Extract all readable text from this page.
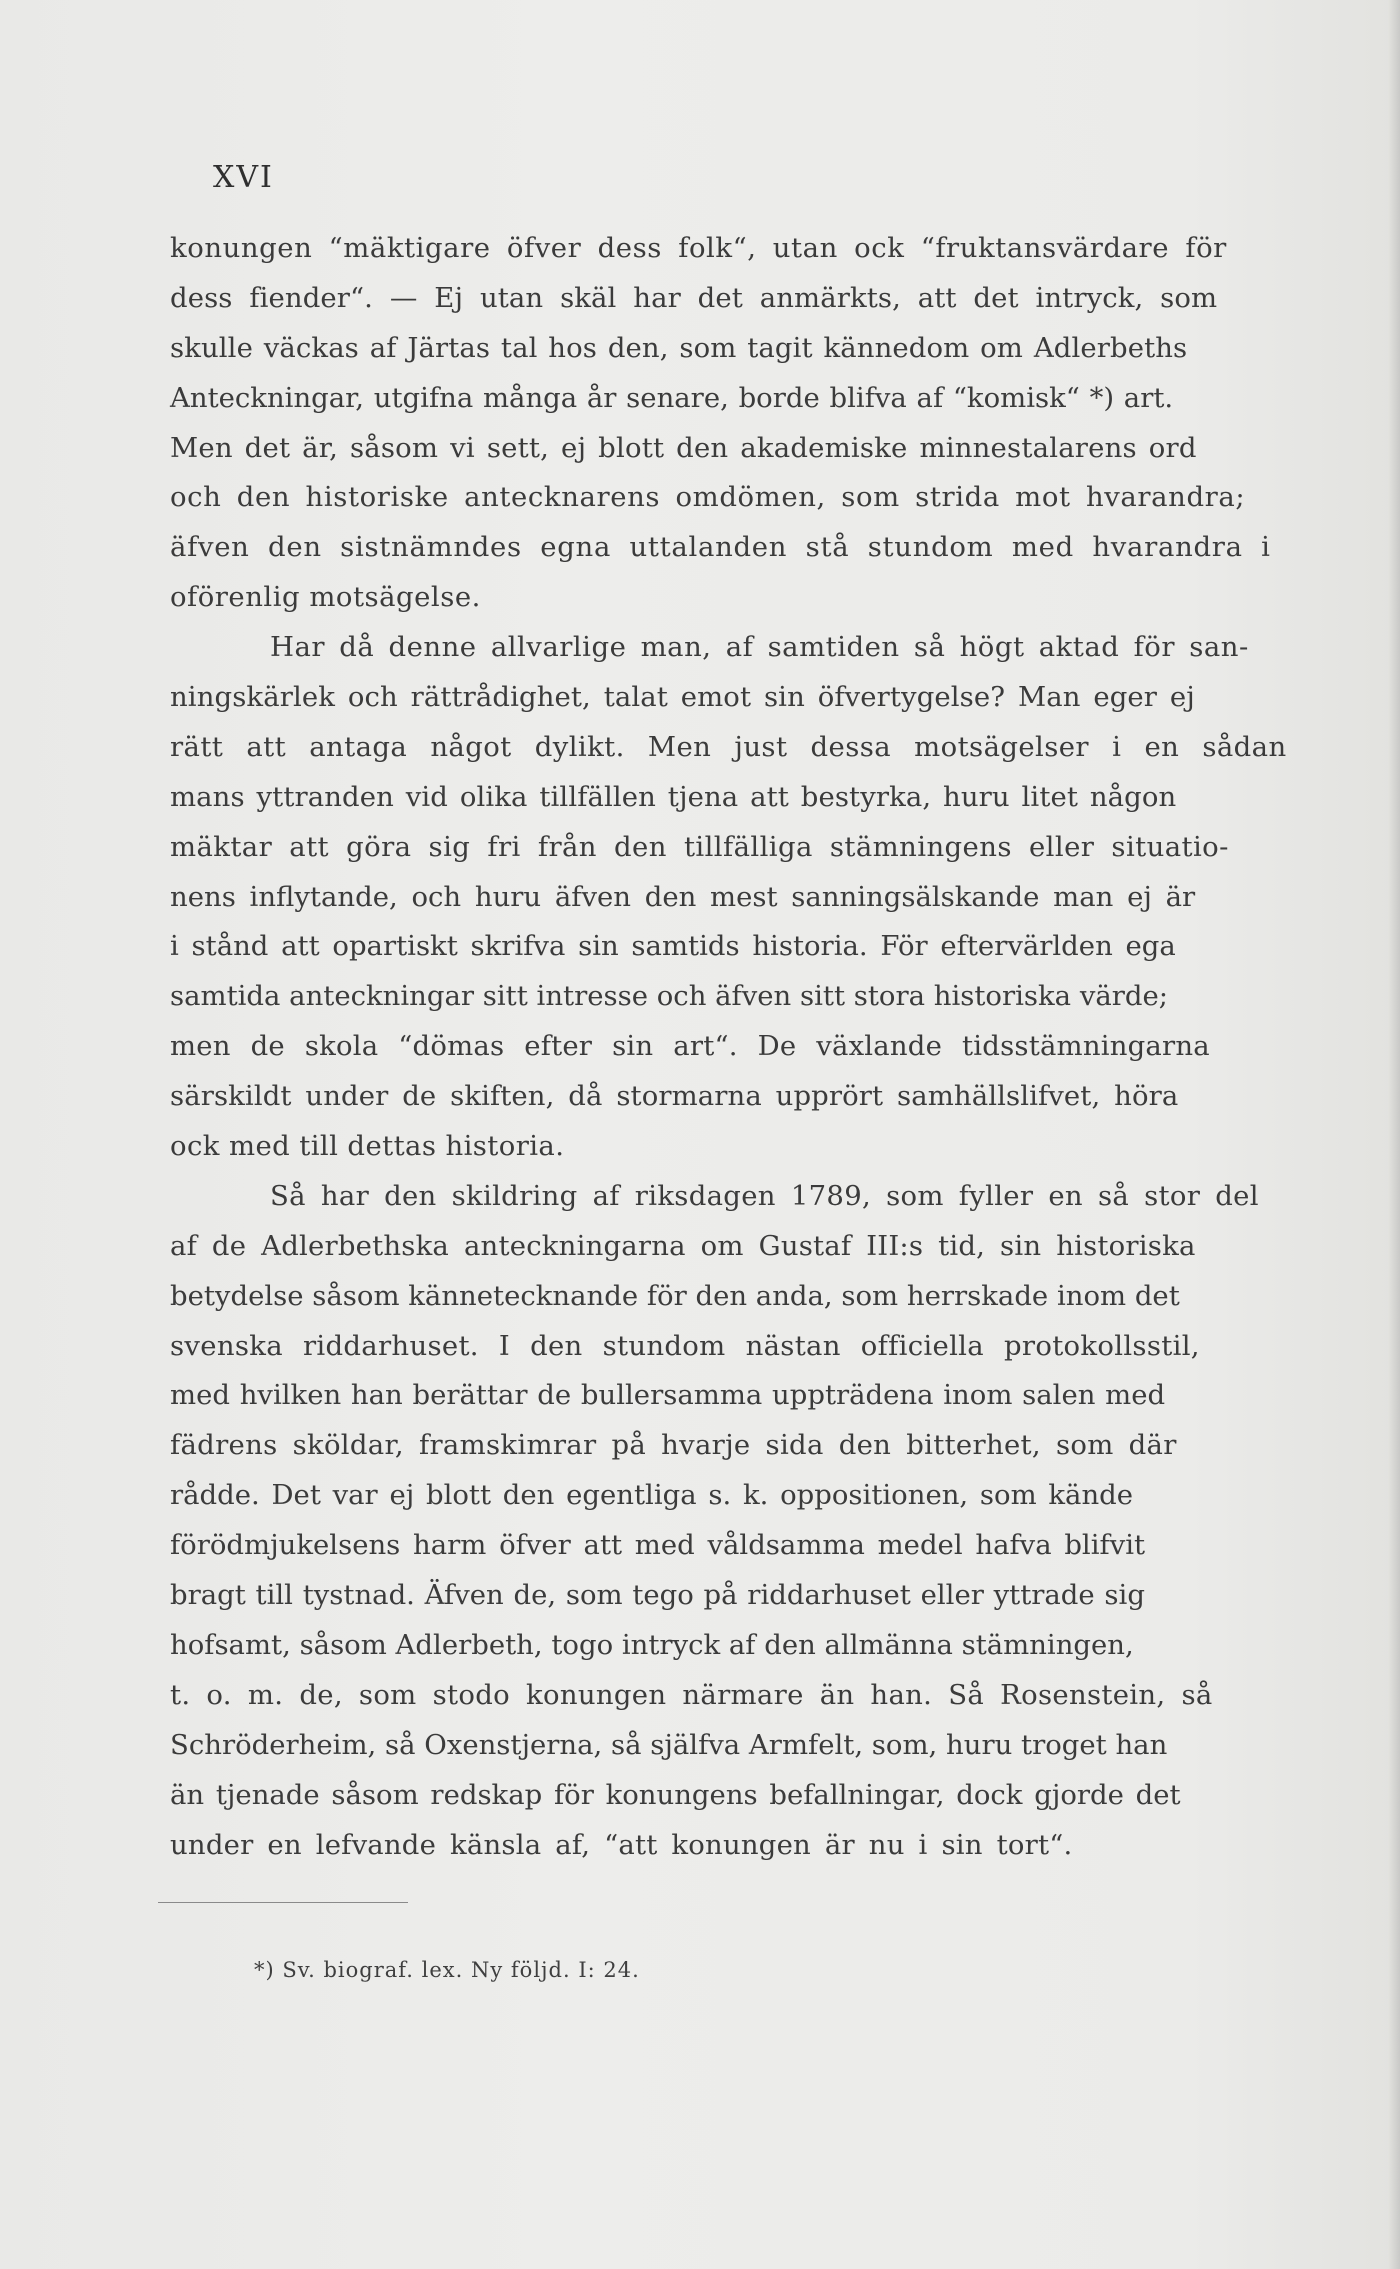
XVI

konungen “mäktigare öfver dess folk“, utan ock “fruktansvärdare för
dess fiender“. — Ej utan skäl har det anmärkts, att det intryck, som
skulle väckas af Järtas tal hos den, som tagit kännedom om Adlerbeths
Anteckningar, utgifna många år senare, borde blifva af “komisk“ *) art.
Men det är, såsom vi sett, ej blott den akademiske minnestalarens ord
och den historiske antecknarens omdömen, som strida mot hvarandra;
äfven den sistnämndes egna uttalanden stå stundom med hvarandra i
oförenlig motsägelse.
Har då denne allvarlige man, af samtiden så högt aktad för san-
ningskärlek och rättrådighet, talat emot sin öfvertygelse? Man eger ej
rätt att antaga något dylikt. Men just dessa motsägelser i en sådan
mans yttranden vid olika tillfällen tjena att bestyrka, huru litet någon
mäktar att göra sig fri från den tillfälliga stämningens eller situatio-
nens inflytande, och huru äfven den mest sanningsälskande man ej är
i stånd att opartiskt skrifva sin samtids historia. För eftervärlden ega
samtida anteckningar sitt intresse och äfven sitt stora historiska värde;
men de skola “dömas efter sin art“. De växlande tidsstämningarna
särskildt under de skiften, då stormarna upprört samhällslifvet, höra
ock med till dettas historia.
Så har den skildring af riksdagen 1789, som fyller en så stor del
af de Adlerbethska anteckningarna om Gustaf III:s tid, sin historiska
betydelse såsom kännetecknande för den anda, som herrskade inom det
svenska riddarhuset. I den stundom nästan officiella protokollsstil,
med hvilken han berättar de bullersamma uppträdena inom salen med
fädrens sköldar, framskimrar på hvarje sida den bitterhet, som där
rådde. Det var ej blott den egentliga s. k. oppositionen, som kände
förödmjukelsens harm öfver att med våldsamma medel hafva blifvit
bragt till tystnad. Äfven de, som tego på riddarhuset eller yttrade sig
hofsamt, såsom Adlerbeth, togo intryck af den allmänna stämningen,
t. o. m. de, som stodo konungen närmare än han. Så Rosenstein, så
Schröderheim, så Oxenstjerna, så själfva Armfelt, som, huru troget han
än tjenade såsom redskap för konungens befallningar, dock gjorde det
under en lefvande känsla af, “att konungen är nu i sin tort“.

*) Sv. biograf. lex. Ny följd. I: 24.
